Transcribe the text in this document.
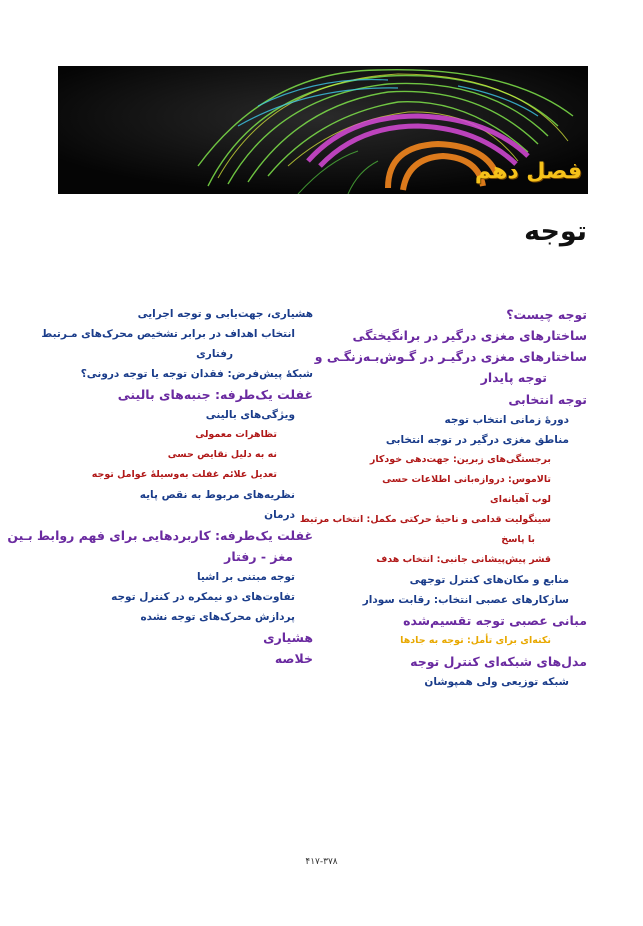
فصل دهم
توجه
توجه چیست؟
ساختارهای مغزی درگیر در برانگیختگی
ساختارهای مغزی درگیـر در گـوش‌بـه‌زنگـی و
توجه پایدار
توجه انتخابی
دورهٔ زمانی انتخاب توجه
مناطق مغزی درگیر در توجه انتخابی
برجستگی‌های زبرین: جهت‌دهی خودکار
تالاموس: دروازه‌بانی اطلاعات حسی
لوب آهیانه‌ای
سینگولیت قدامی و ناحیهٔ حرکتی مکمل: انتخاب مرتبط
با پاسخ
قشر پیش‌پیشانی جانبی: انتخاب هدف
منابع و مکان‌های کنترل توجهی
سازکارهای عصبی انتخاب: رقابت سودار
مبانی عصبی توجه تقسیم‌شده
نکته‌ای برای تأمل: توجه به جادها
مدل‌های شبکه‌ای کنترل توجه
شبکه توزیعی ولی همپوشان
هشیاری، جهت‌یابی و توجه اجرایی
انتخاب اهداف در برابر تشخیص محرک‌های مـرتبط
رفتاری
شبکهٔ پیش‌فرض: فقدان توجه یا توجه درونی؟
غفلت یک‌طرفه: جنبه‌های بالینی
ویژگی‌های بالینی
تظاهرات معمولی
نه به دلیل نقایص حسی
تعدیل علائم غفلت به‌وسیلهٔ عوامل توجه
نظریه‌های مربوط به نقص پایه
درمان
غفلت یک‌طرفه: کاربردهایی برای فهم روابط بـین
مغز - رفتار
توجه مبتنی بر اشیا
تفاوت‌های دو نیمکره در کنترل توجه
پردازش محرک‌های توجه نشده
هشیاری
خلاصه
۴۱۷-۳۷۸
